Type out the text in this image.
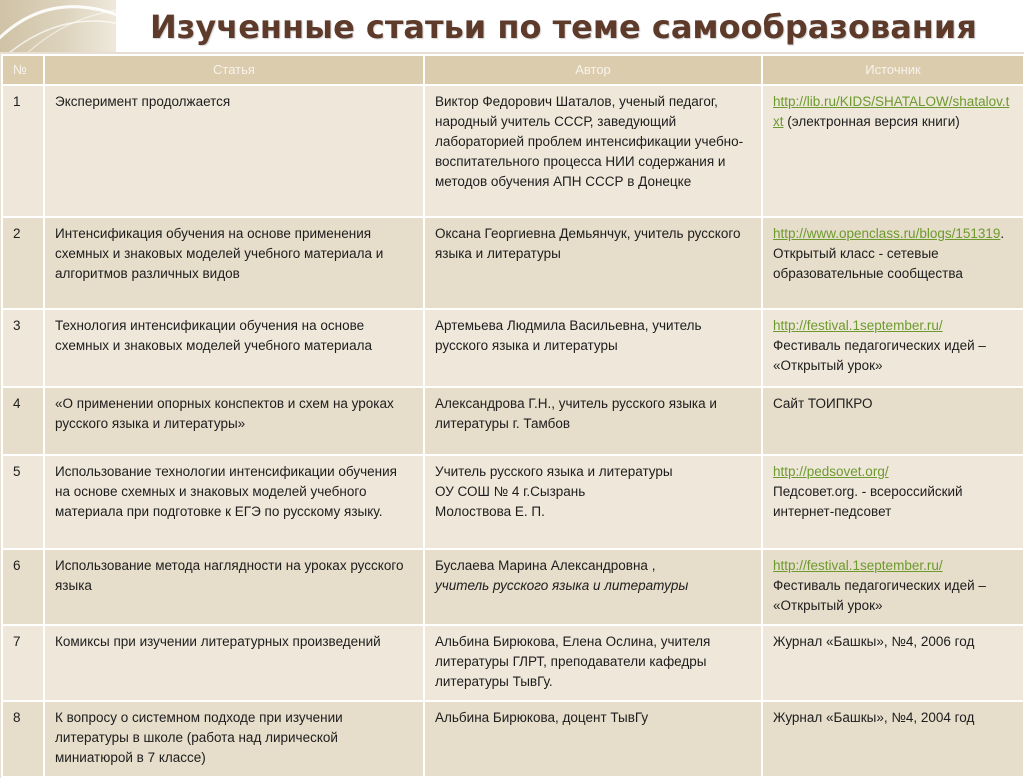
Изученные статьи по теме самообразования
№	Статья	Автор	Источник
1	Эксперимент продолжается	Виктор Федорович Шаталов, ученый педагог, народный учитель СССР, заведующий лабораторией проблем интенсификации учебно-воспитательного процесса НИИ содержания и методов обучения АПН СССР в Донецке	http://lib.ru/KIDS/SHATALOW/shatalov.txt (электронная версия книги)
2	Интенсификация обучения на основе применения схемных и знаковых моделей учебного материала и алгоритмов различных видов	Оксана Георгиевна Демьянчук, учитель русского языка и литературы	http://www.openclass.ru/blogs/151319. Открытый класс - сетевые образовательные сообщества
3	Технология интенсификации обучения на основе схемных и знаковых моделей учебного материала	Артемьева Людмила Васильевна, учитель русского языка и литературы	http://festival.1september.ru/
Фестиваль педагогических идей – «Открытый урок»
4	«О применении опорных конспектов и схем на уроках русского языка и литературы»	Александрова Г.Н., учитель русского языка и литературы г. Тамбов	Сайт ТОИПКРО
5	Использование технологии интенсификации обучения на основе схемных и знаковых моделей учебного материала при подготовке к ЕГЭ по русскому языку.	Учитель русского языка и литературы
ОУ СОШ № 4 г.Сызрань
Молоствова Е. П.	http://pedsovet.org/
Педсовет.org. - всероссийский интернет-педсовет
6	Использование метода наглядности на уроках русского языка	Буслаева Марина Александровна ,
учитель русского языка и литературы	http://festival.1september.ru/
Фестиваль педагогических идей – «Открытый урок»
7	Комиксы при изучении литературных произведений	Альбина Бирюкова, Елена Ослина, учителя литературы ГЛРТ, преподаватели кафедры литературы ТывГу.	Журнал «Башкы», №4, 2006 год
8	К вопросу о системном подходе при изучении литературы в школе (работа над лирической миниатюрой в 7 классе)	Альбина Бирюкова, доцент ТывГу	Журнал «Башкы», №4, 2004 год
